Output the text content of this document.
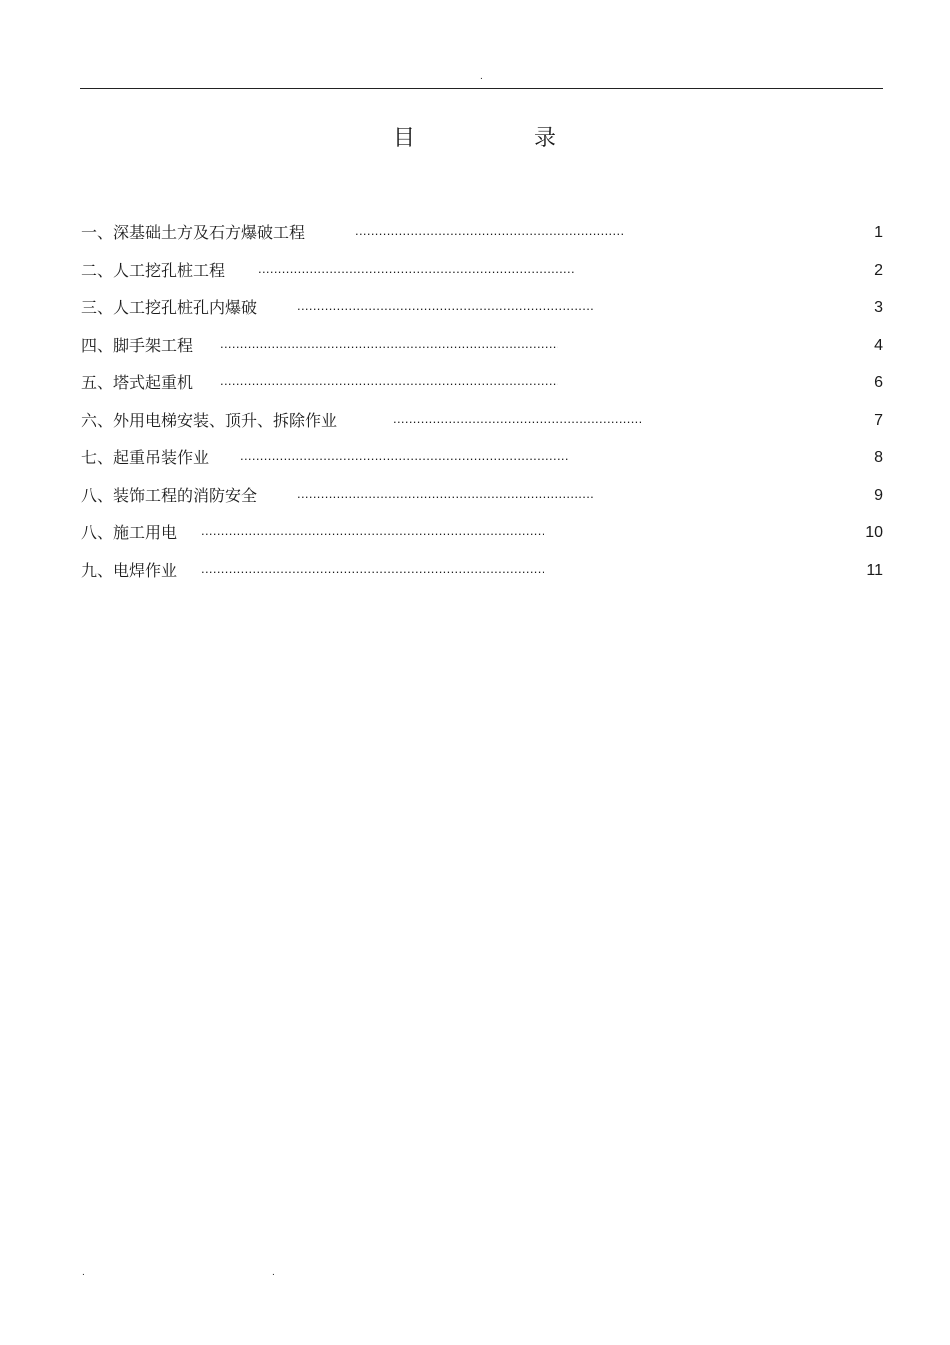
.
目	录
一、深基础土方及石方爆破工程 .....	1
二、人工挖孔桩工程 .....	2
三、人工挖孔桩孔内爆破 .....	3
四、脚手架工程 .....	4
五、塔式起重机 .....	6
六、外用电梯安装、顶升、拆除作业 .....	7
七、起重吊装作业 .....	8
八、装饰工程的消防安全 .....	9
八、施工用电 .....	10
九、电焊作业 .....	11
.	.
